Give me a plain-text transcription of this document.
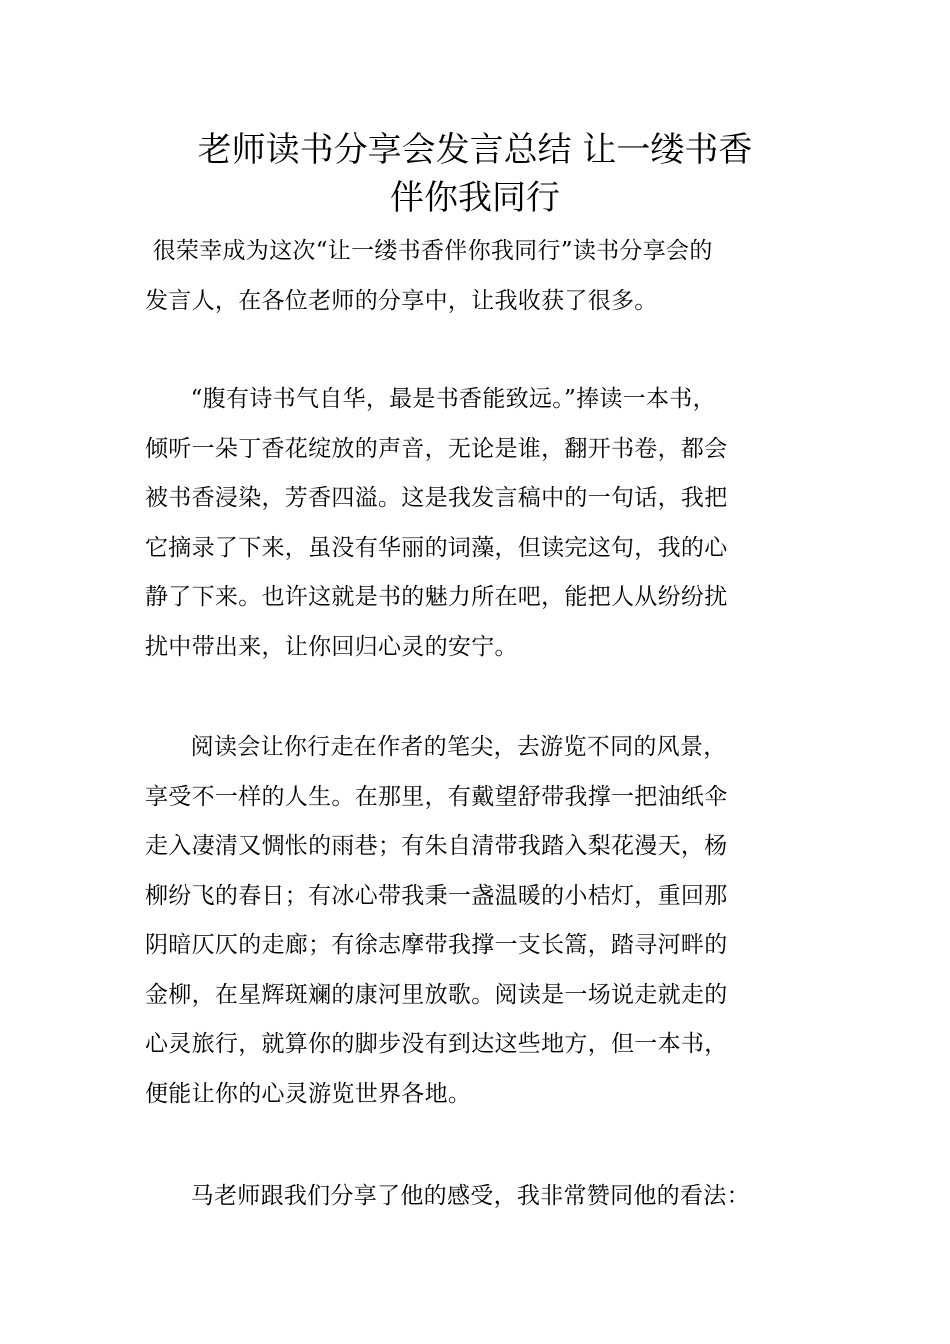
老师读书分享会发言总结 让一缕书香
伴你我同行

很荣幸成为这次“让一缕书香伴你我同行”读书分享会的
发言人，在各位老师的分享中，让我收获了很多。

“腹有诗书气自华，最是书香能致远。”捧读一本书，
倾听一朵丁香花绽放的声音，无论是谁，翻开书卷，都会
被书香浸染，芳香四溢。这是我发言稿中的一句话，我把
它摘录了下来，虽没有华丽的词藻，但读完这句，我的心
静了下来。也许这就是书的魅力所在吧，能把人从纷纷扰
扰中带出来，让你回归心灵的安宁。

阅读会让你行走在作者的笔尖，去游览不同的风景，
享受不一样的人生。在那里，有戴望舒带我撑一把油纸伞
走入凄清又惆怅的雨巷；有朱自清带我踏入梨花漫天，杨
柳纷飞的春日；有冰心带我秉一盏温暖的小桔灯，重回那
阴暗仄仄的走廊；有徐志摩带我撑一支长篙，踏寻河畔的
金柳，在星辉斑斓的康河里放歌。阅读是一场说走就走的
心灵旅行，就算你的脚步没有到达这些地方，但一本书，
便能让你的心灵游览世界各地。

马老师跟我们分享了他的感受，我非常赞同他的看法：
